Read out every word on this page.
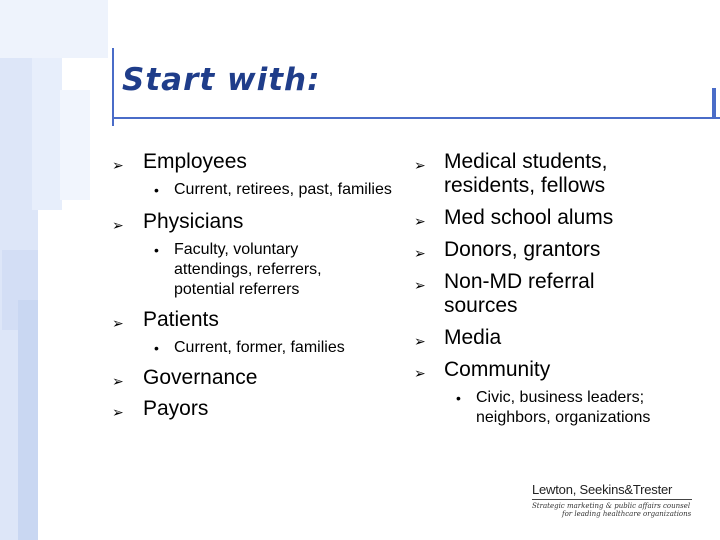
Start with:
➢ Employees
• Current, retirees, past, families
➢ Physicians
• Faculty, voluntary attendings, referrers, potential referrers
➢ Patients
• Current, former, families
➢ Governance
➢ Payors
➢ Medical students, residents, fellows
➢ Med school alums
➢ Donors, grantors
➢ Non-MD referral sources
➢ Media
➢ Community
• Civic, business leaders; neighbors, organizations
Lewton, Seekins&Trester
Strategic marketing & public affairs counsel
for leading healthcare organizations
